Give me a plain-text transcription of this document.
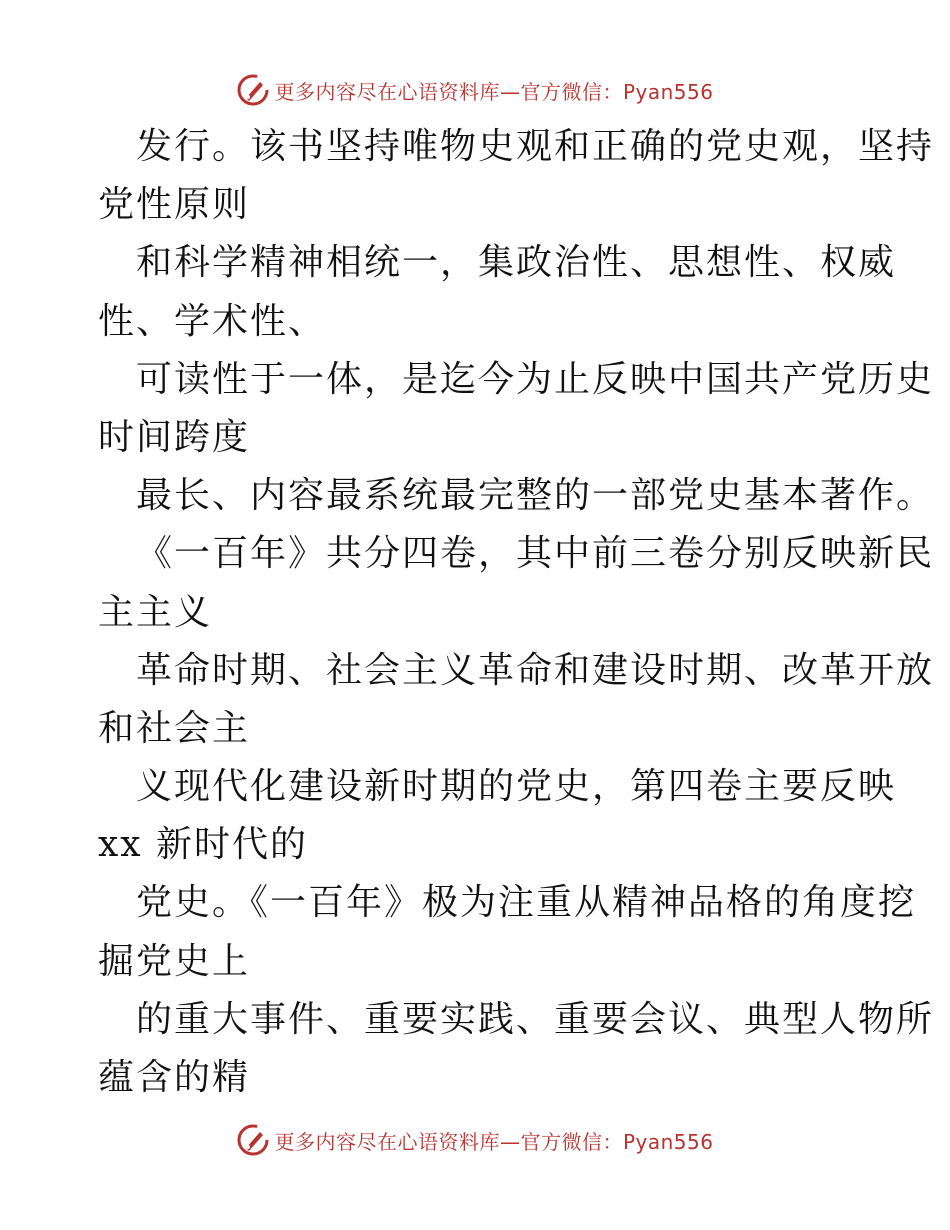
更多内容尽在心语资料库—官方微信：Pyan556
发行。该书坚持唯物史观和正确的党史观，坚持
党性原则
和科学精神相统一，集政治性、思想性、权威
性、学术性、
可读性于一体，是迄今为止反映中国共产党历史
时间跨度
最长、内容最系统最完整的一部党史基本著作。
《一百年》共分四卷，其中前三卷分别反映新民
主主义
革命时期、社会主义革命和建设时期、改革开放
和社会主
义现代化建设新时期的党史，第四卷主要反映
xx 新时代的
党史。《一百年》极为注重从精神品格的角度挖
掘党史上
的重大事件、重要实践、重要会议、典型人物所
蕴含的精
更多内容尽在心语资料库—官方微信：Pyan556
